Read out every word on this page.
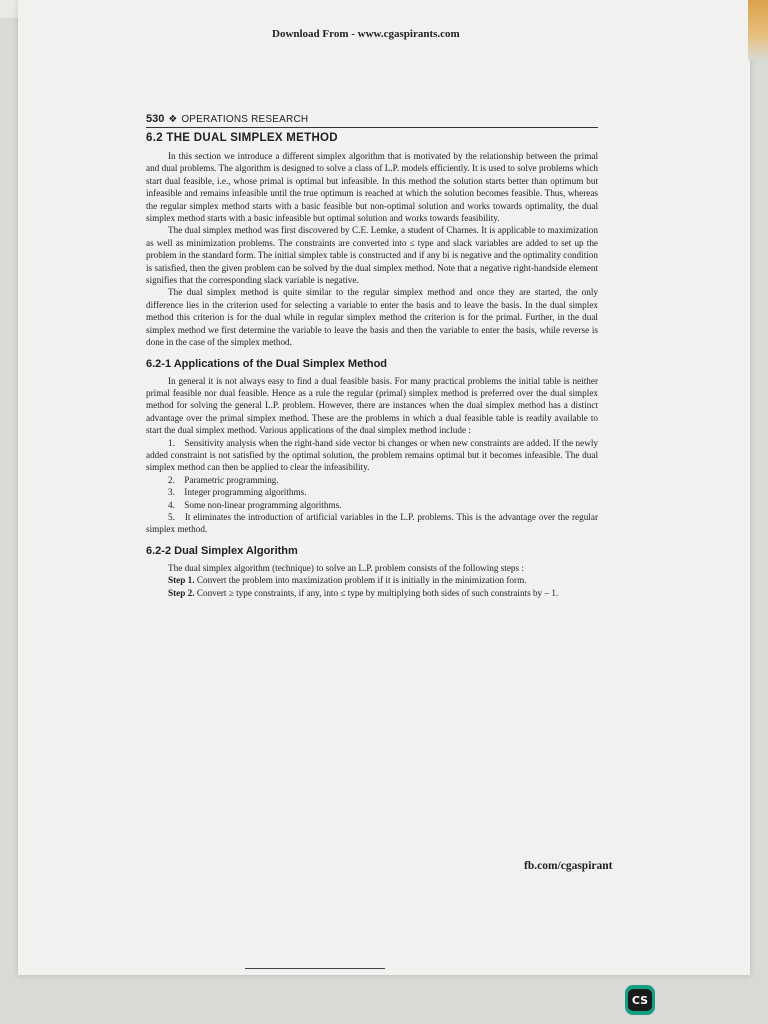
Download From - www.cgaspirants.com
530 ❖ OPERATIONS RESEARCH
6.2 THE DUAL SIMPLEX METHOD

In this section we introduce a different simplex algorithm that is motivated by the relationship between the primal and dual problems. The algorithm is designed to solve a class of L.P. models efficiently. It is used to solve problems which start dual feasible, i.e., whose primal is optimal but infeasible. In this method the solution starts better than optimum but infeasible and remains infeasible until the true optimum is reached at which the solution becomes feasible. Thus, whereas the regular simplex method starts with a basic feasible but non-optimal solution and works towards optimality, the dual simplex method starts with a basic infeasible but optimal solution and works towards feasibility.

The dual simplex method was first discovered by C.E. Lemke, a student of Charnes. It is applicable to maximization as well as minimization problems. The constraints are converted into ≤ type and slack variables are added to set up the problem in the standard form. The initial simplex table is constructed and if any bi is negative and the optimality condition is satisfied, then the given problem can be solved by the dual simplex method. Note that a negative right-handside element signifies that the corresponding slack variable is negative.

The dual simplex method is quite similar to the regular simplex method and once they are started, the only difference lies in the criterion used for selecting a variable to enter the basis and to leave the basis. In the dual simplex method this criterion is for the dual while in regular simplex method the criterion is for the primal. Further, in the dual simplex method we first determine the variable to leave the basis and then the variable to enter the basis, while reverse is done in the case of the simplex method.

6.2-1 Applications of the Dual Simplex Method

In general it is not always easy to find a dual feasible basis. For many practical problems the initial table is neither primal feasible nor dual feasible. Hence as a rule the regular (primal) simplex method is preferred over the dual simplex method for solving the general L.P. problem. However, there are instances when the dual simplex method has a distinct advantage over the primal simplex method. These are the problems in which a dual feasible table is readily available to start the dual simplex method. Various applications of the dual simplex method include :

1. Sensitivity analysis when the right-hand side vector bi changes or when new constraints are added. If the newly added constraint is not satisfied by the optimal solution, the problem remains optimal but it becomes infeasible. The dual simplex method can then be applied to clear the infeasibility.
2. Parametric programming.
3. Integer programming algorithms.
4. Some non-linear programming algorithms.
5. It eliminates the introduction of artificial variables in the L.P. problems. This is the advantage over the regular simplex method.
6.2-2 Dual Simplex Algorithm

The dual simplex algorithm (technique) to solve an L.P. problem consists of the following steps :

Step 1. Convert the problem into maximization problem if it is initially in the minimization form.

Step 2. Convert ≥ type constraints, if any, into ≤ type by multiplying both sides of such constraints by – 1.

fb.com/cgaspirant
CS
